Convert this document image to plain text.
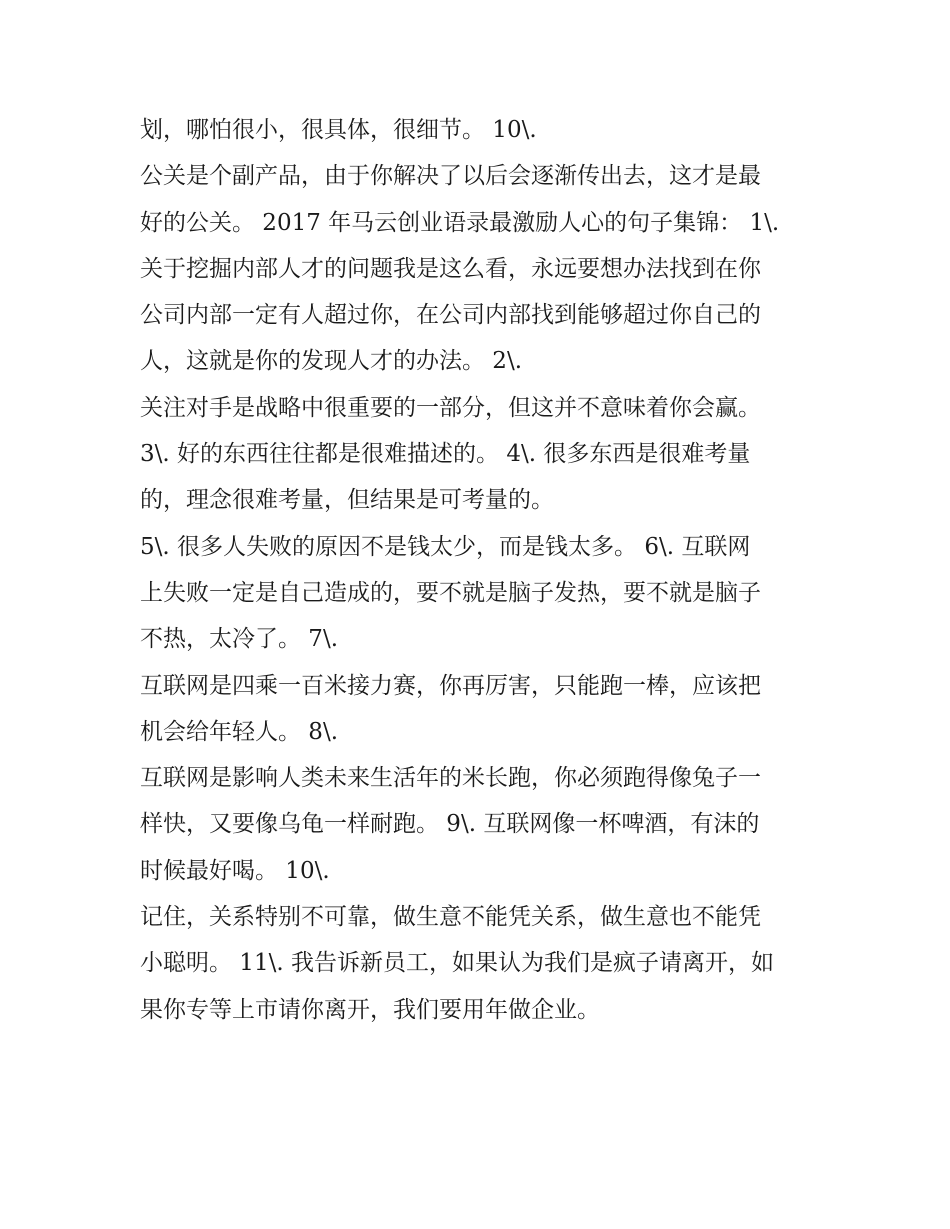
划，哪怕很小，很具体，很细节。 10\.
公关是个副产品，由于你解决了以后会逐渐传出去，这才是最
好的公关。 2017 年马云创业语录最激励人心的句子集锦： 1\.
关于挖掘内部人才的问题我是这么看，永远要想办法找到在你
公司内部一定有人超过你，在公司内部找到能够超过你自己的
人，这就是你的发现人才的办法。 2\.
关注对手是战略中很重要的一部分，但这并不意味着你会赢。
3\. 好的东西往往都是很难描述的。 4\. 很多东西是很难考量
的，理念很难考量，但结果是可考量的。
5\. 很多人失败的原因不是钱太少，而是钱太多。 6\. 互联网
上失败一定是自己造成的，要不就是脑子发热，要不就是脑子
不热，太冷了。 7\.
互联网是四乘一百米接力赛，你再厉害，只能跑一棒，应该把
机会给年轻人。 8\.
互联网是影响人类未来生活年的米长跑，你必须跑得像兔子一
样快，又要像乌龟一样耐跑。 9\. 互联网像一杯啤酒，有沫的
时候最好喝。 10\.
记住，关系特别不可靠，做生意不能凭关系，做生意也不能凭
小聪明。 11\. 我告诉新员工，如果认为我们是疯子请离开，如
果你专等上市请你离开，我们要用年做企业。
